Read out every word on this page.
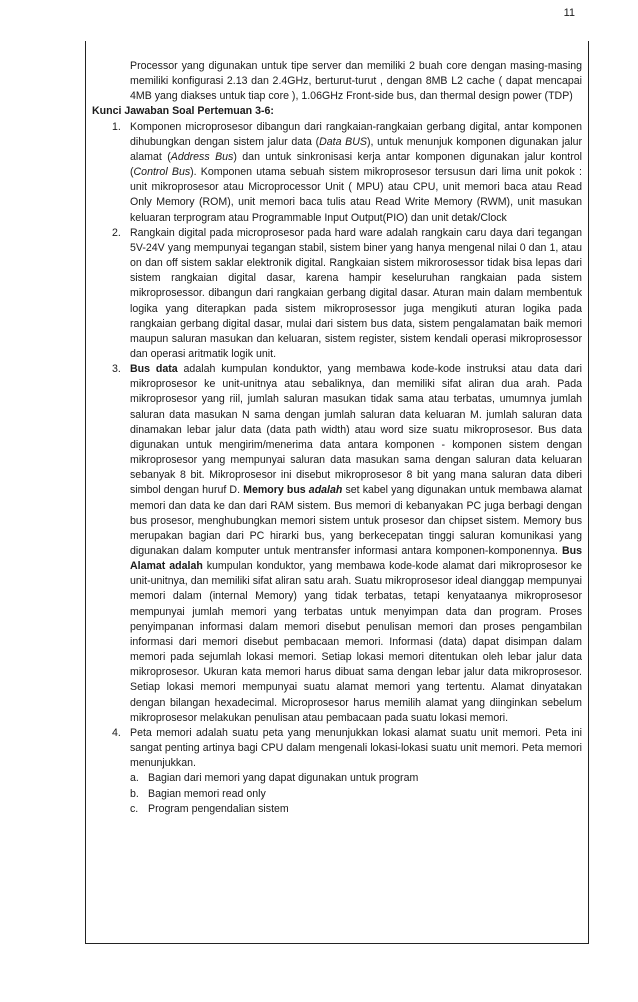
11

Processor yang digunakan untuk tipe server dan memiliki 2 buah core dengan masing-masing memiliki konfigurasi 2.13 dan 2.4GHz, berturut-turut , dengan 8MB L2 cache ( dapat mencapai 4MB yang diakses untuk tiap core ), 1.06GHz Front-side bus, dan thermal design power (TDP)

Kunci Jawaban Soal Pertemuan 3-6:

1. Komponen microprosesor dibangun dari rangkaian-rangkaian gerbang digital, antar komponen dihubungkan dengan sistem jalur data (Data BUS), untuk menunjuk komponen digunakan jalur alamat (Address Bus) dan untuk sinkronisasi kerja antar komponen digunakan jalur kontrol (Control Bus). Komponen utama sebuah sistem mikroprosesor tersusun dari lima unit pokok : unit mikroprosesor atau Microprocessor Unit ( MPU) atau CPU, unit memori baca atau Read Only Memory (ROM), unit memori baca tulis atau Read Write Memory (RWM), unit masukan keluaran terprogram atau Programmable Input Output(PIO) dan unit detak/Clock
2. Rangkain digital pada microprosesor pada hard ware adalah rangkain caru daya dari tegangan 5V-24V yang mempunyai tegangan stabil, sistem biner yang hanya mengenal nilai 0 dan 1, atau on dan off sistem saklar elektronik digital. Rangkaian sistem mikrorosessor tidak bisa lepas dari sistem rangkaian digital dasar, karena hampir keseluruhan rangkaian pada sistem mikroprosessor. dibangun dari rangkaian gerbang digital dasar. Aturan main dalam membentuk logika yang diterapkan pada sistem mikroprosessor juga mengikuti aturan logika pada rangkaian gerbang digital dasar, mulai dari sistem bus data, sistem pengalamatan baik memori maupun saluran masukan dan keluaran, sistem register, sistem kendali operasi mikroprosessor dan operasi aritmatik logik unit.
3. Bus data adalah kumpulan konduktor, yang membawa kode-kode instruksi atau data dari mikroprosesor ke unit-unitnya atau sebaliknya, dan memiliki sifat aliran dua arah. Pada mikroprosesor yang riil, jumlah saluran masukan tidak sama atau terbatas, umumnya jumlah saluran data masukan N sama dengan jumlah saluran data keluaran M. jumlah saluran data dinamakan lebar jalur data (data path width) atau word size suatu mikroprosesor. Bus data digunakan untuk mengirim/menerima data antara komponen - komponen sistem dengan mikroprosesor yang mempunyai saluran data masukan sama dengan saluran data keluaran sebanyak 8 bit. Mikroprosesor ini disebut mikroprosesor 8 bit yang mana saluran data diberi simbol dengan huruf D. Memory bus adalah set kabel yang digunakan untuk membawa alamat memori dan data ke dan dari RAM sistem. Bus memori di kebanyakan PC juga berbagi dengan bus prosesor, menghubungkan memori sistem untuk prosesor dan chipset sistem. Memory bus merupakan bagian dari PC hirarki bus, yang berkecepatan tinggi saluran komunikasi yang digunakan dalam komputer untuk mentransfer informasi antara komponen-komponennya. Bus Alamat adalah kumpulan konduktor, yang membawa kode-kode alamat dari mikroprosesor ke unit-unitnya, dan memiliki sifat aliran satu arah. Suatu mikroprosesor ideal dianggap mempunyai memori dalam (internal Memory) yang tidak terbatas, tetapi kenyataanya mikroprosesor mempunyai jumlah memori yang terbatas untuk menyimpan data dan program. Proses penyimpanan informasi dalam memori disebut penulisan memori dan proses pengambilan informasi dari memori disebut pembacaan memori. Informasi (data) dapat disimpan dalam memori pada sejumlah lokasi memori. Setiap lokasi memori ditentukan oleh lebar jalur data mikroprosesor. Ukuran kata memori harus dibuat sama dengan lebar jalur data mikroprosesor. Setiap lokasi memori mempunyai suatu alamat memori yang tertentu. Alamat dinyatakan dengan bilangan hexadecimal. Microprosesor harus memilih alamat yang diinginkan sebelum mikroprosesor melakukan penulisan atau pembacaan pada suatu lokasi memori.
4. Peta memori adalah suatu peta yang menunjukkan lokasi alamat suatu unit memori. Peta ini sangat penting artinya bagi CPU dalam mengenali lokasi-lokasi suatu unit memori. Peta memori menunjukkan.
a. Bagian dari memori yang dapat digunakan untuk program
b. Bagian memori read only
c. Program pengendalian sistem
